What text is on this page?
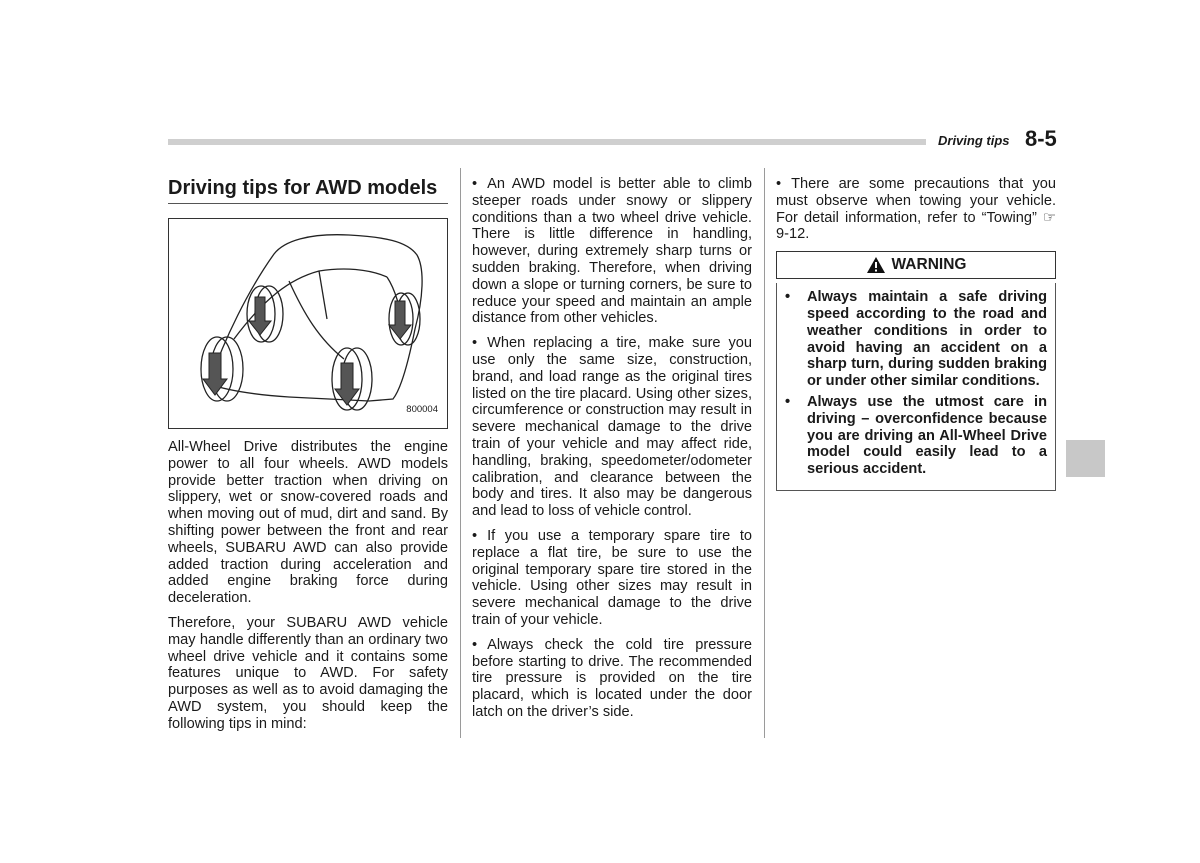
Driving tips 8-5
Driving tips for AWD models
800004

All-Wheel Drive distributes the engine power to all four wheels. AWD models provide better traction when driving on slippery, wet or snow-covered roads and when moving out of mud, dirt and sand. By shifting power between the front and rear wheels, SUBARU AWD can also provide added traction during acceleration and added engine braking force during deceleration.

Therefore, your SUBARU AWD vehicle may handle differently than an ordinary two wheel drive vehicle and it contains some features unique to AWD. For safety purposes as well as to avoid damaging the AWD system, you should keep the following tips in mind:

• An AWD model is better able to climb steeper roads under snowy or slippery conditions than a two wheel drive vehicle. There is little difference in handling, however, during extremely sharp turns or sudden braking. Therefore, when driving down a slope or turning corners, be sure to reduce your speed and maintain an ample distance from other vehicles.

• When replacing a tire, make sure you use only the same size, construction, brand, and load range as the original tires listed on the tire placard. Using other sizes, circumference or construction may result in severe mechanical damage to the drive train of your vehicle and may affect ride, handling, braking, speedometer/odometer calibration, and clearance between the body and tires. It also may be dangerous and lead to loss of vehicle control.

• If you use a temporary spare tire to replace a flat tire, be sure to use the original temporary spare tire stored in the vehicle. Using other sizes may result in severe mechanical damage to the drive train of your vehicle.

• Always check the cold tire pressure before starting to drive. The recommended tire pressure is provided on the tire placard, which is located under the door latch on the driver’s side.

• There are some precautions that you must observe when towing your vehicle. For detail information, refer to “Towing” ☞9-12.

WARNING
•	Always maintain a safe driving speed according to the road and weather conditions in order to avoid having an accident on a sharp turn, during sudden braking or under other similar conditions.
•	Always use the utmost care in driving – overconfidence because you are driving an All-Wheel Drive model could easily lead to a serious accident.
